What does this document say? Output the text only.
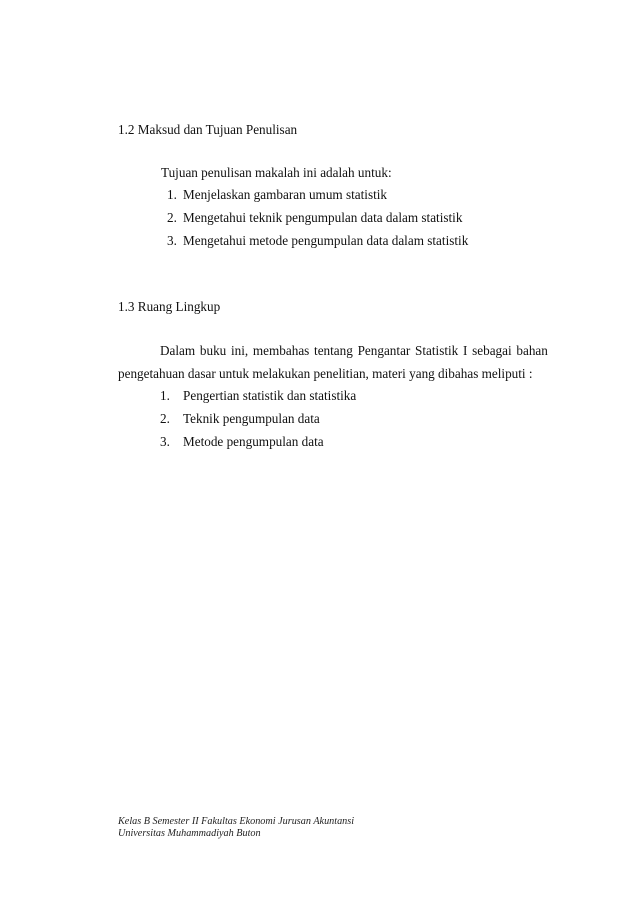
1.2 Maksud dan Tujuan Penulisan
Tujuan penulisan makalah ini adalah untuk:
1. Menjelaskan gambaran umum statistik
2. Mengetahui teknik pengumpulan data dalam statistik
3. Mengetahui metode pengumpulan data dalam statistik
1.3 Ruang Lingkup
Dalam buku ini, membahas tentang Pengantar Statistik I sebagai bahan
pengetahuan dasar untuk melakukan penelitian, materi yang dibahas meliputi :
1. Pengertian statistik dan statistika
2. Teknik pengumpulan data
3. Metode pengumpulan data
Kelas B Semester II Fakultas Ekonomi Jurusan Akuntansi
Universitas Muhammadiyah Buton
